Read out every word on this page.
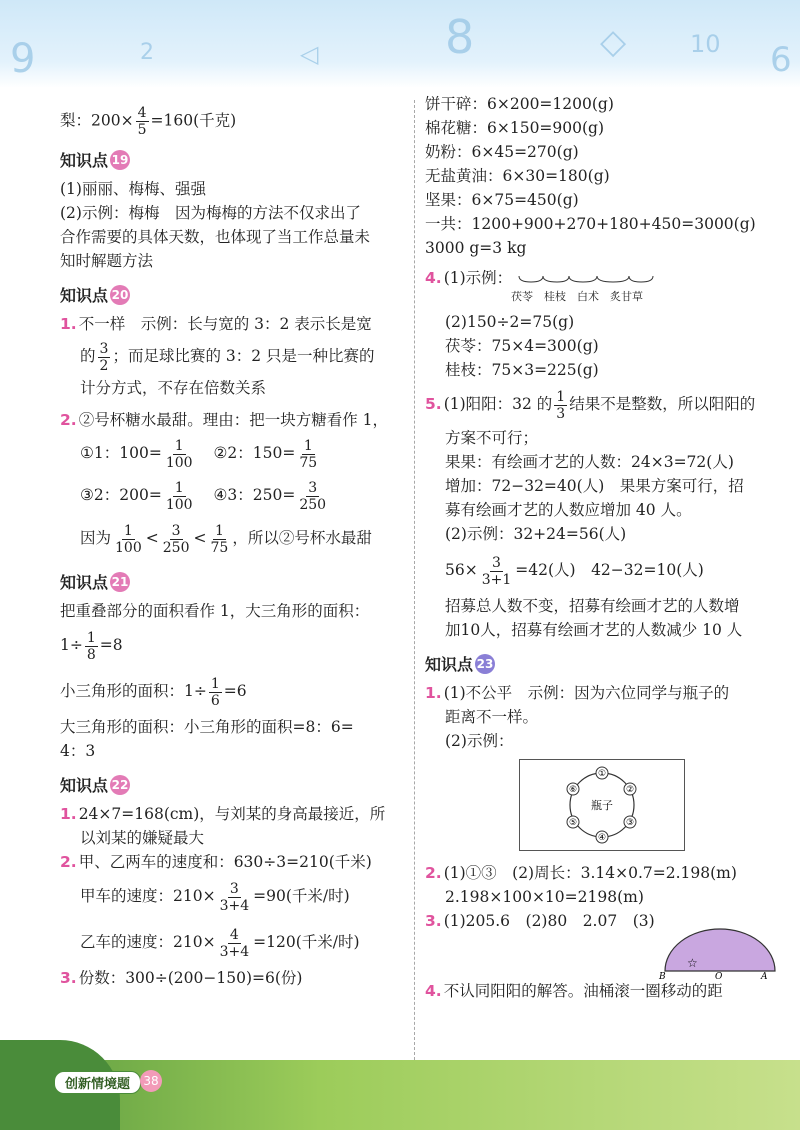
9	2	◁	8	◇	10 6

梨：$200\times \frac{4}{5} =160$(千克)

知识点 19

(1)丽丽、梅梅、强强

(2)示例：梅梅　因为梅梅的方法不仅求出了

合作需要的具体天数，也体现了当工作总量未

知时解题方法

知识点 20

1. 不一样　示例：长与宽的 3：2 表示长是宽

的 $\frac{3}{2}$ ；而足球比赛的 3：2 只是一种比赛的

计分方式，不存在倍数关系

2. ②号杯糖水最甜。理由：把一块方糖看作 1，

①1：$100= \frac{1}{100}$ ②2：$150= \frac{1}{75}$

③2：$200= \frac{1}{100}$ ④3：$250= \frac{3}{250}$

因为 $\frac{1}{100} < \frac{3}{250} < \frac{1}{75}$ ，所以②号杯水最甜

知识点 21

把重叠部分的面积看作 1，大三角形的面积：

$1\div \frac{1}{8} =8$

小三角形的面积：$1\div \frac{1}{6} =6$

大三角形的面积：小三角形的面积=8：6=

4：3

知识点 22

1. 24×7=168(cm)，与刘某的身高最接近，所

以刘某的嫌疑最大

2. 甲、乙两车的速度和：630÷3=210(千米)

甲车的速度：$210\times \frac{3}{3+4} =90$(千米/时)

乙车的速度：$210\times \frac{4}{3+4} =120$(千米/时)

3. 份数：300÷(200−150)=6(份)

饼干碎：6×200=1200(g)

棉花糖：6×150=900(g)

奶粉：6×45=270(g)

无盐黄油：6×30=180(g)

坚果：6×75=450(g)

一共：1200+900+270+180+450=3000(g)

3000 g=3 kg

4. (1)示例：

茯苓　桂枝　白术　炙甘草

(2)150÷2=75(g)

茯苓：75×4=300(g)

桂枝：75×3=225(g)

5. (1)阳阳：32 的 $\frac{1}{3}$ 结果不是整数，所以阳阳的

方案不可行；

果果：有绘画才艺的人数：24×3=72(人)

增加：72−32=40(人)　果果方案可行，招

募有绘画才艺的人数应增加 40 人。

(2)示例：32+24=56(人)

$56\times \frac{3}{3+1} =42$(人)　42−32=10(人)

招募总人数不变，招募有绘画才艺的人数增

加10人，招募有绘画才艺的人数减少 10 人

知识点 23

1. (1)不公平　示例：因为六位同学与瓶子的

距离不一样。

(2)示例：

①
②
③
④
⑤
⑥
瓶子

2. (1)①③　(2)周长：3.14×0.7=2.198(m)

2.198×100×10=2198(m)

3. (1)205.6　(2)80　2.07　(3)

☆
B	O	A

4. 不认同阳阳的解答。油桶滚一圈移动的距

创新情境题	38
